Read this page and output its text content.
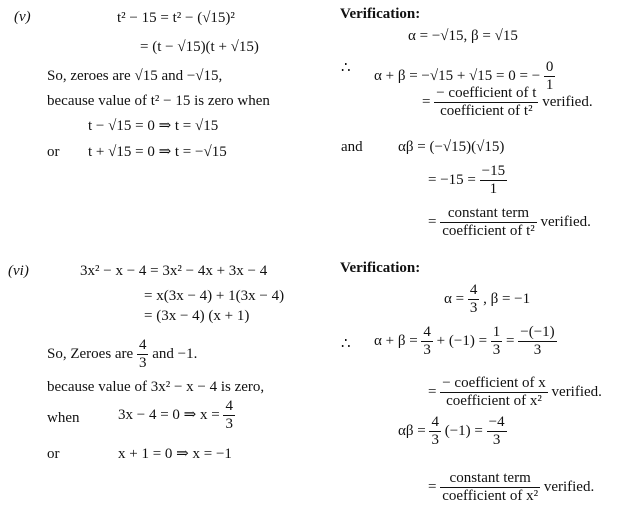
(v)	t² − 15 = t² − (√15)²
= (t − √15)(t + √15)
So, zeroes are √15 and −√15,
because value of t² − 15 is zero when
t − √15 = 0 ⇒ t = √15
or t + √15 = 0 ⇒ t = −√15
Verification:
α = −√15, β = √15
∴ α + β = −√15 + √15 = 0 = − $\frac{0}{1}$
= $\frac{\text{− coefficient of t}}{\text{coefficient of t²}}$ verified.
and αβ = (−√15)(√15)
= $-15 = \frac{-15}{1}$
= $\frac{\text{constant term}}{\text{coefficient of t²}}$ verified.
(vi)	3x² − x − 4 = 3x² − 4x + 3x − 4
= x(3x − 4) + 1(3x − 4)
= (3x − 4) (x + 1)
So, Zeroes are $\frac{4}{3}$ and −1.
because value of 3x² − x − 4 is zero,
when	3x − 4 = 0 ⇒ $x = \frac{4}{3}$
or	x + 1 = 0 ⇒ x = −1
Verification:
$\alpha = \frac{4}{3}$ , β = −1
∴ $\alpha + \beta = \frac{4}{3} + (-1) = \frac{1}{3} = \frac{-(-1)}{3}$
= $\frac{\text{− coefficient of x}}{\text{coefficient of x²}}$ verified.
$\alpha\beta = \frac{4}{3} (-1) = \frac{-4}{3}$
= $\frac{\text{constant term}}{\text{coefficient of x²}}$ verified.
